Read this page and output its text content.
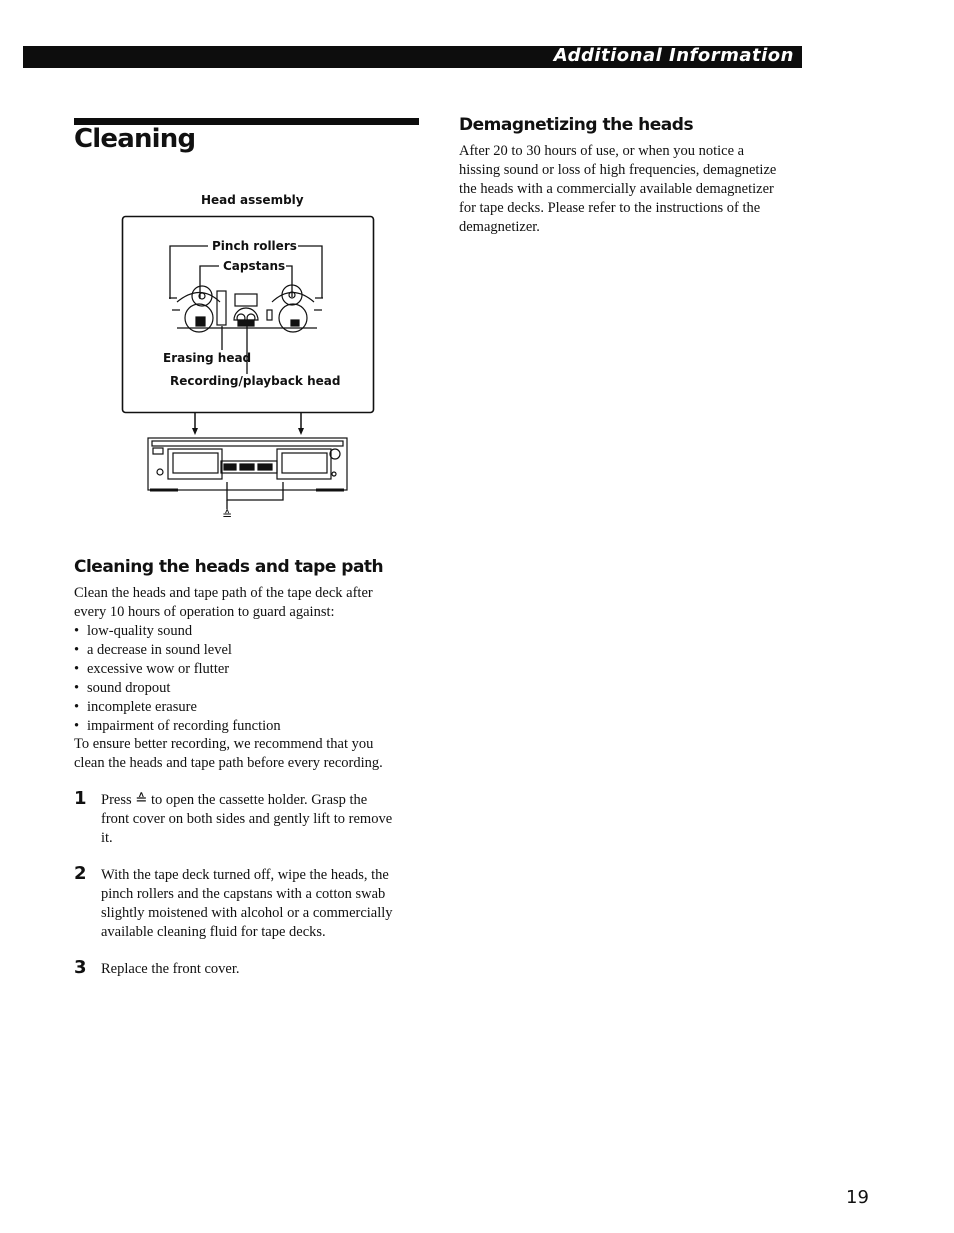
Additional Information
Cleaning
Head assembly
Pinch rollers
Capstans
Erasing head
Recording/playback head
≙
Cleaning the heads and tape path

Clean the heads and tape path of the tape deck after

every 10 hours of operation to guard against:

• low-quality sound
• a decrease in sound level
• excessive wow or flutter
• sound dropout
• incomplete erasure
• impairment of recording function

To ensure better recording, we recommend that you

clean the heads and tape path before every recording.

1 Press ≙ to open the cassette holder. Grasp the
front cover on both sides and gently lift to remove
it.
2 With the tape deck turned off, wipe the heads, the
pinch rollers and the capstans with a cotton swab
slightly moistened with alcohol or a commercially
available cleaning fluid for tape decks.
3 Replace the front cover.
Demagnetizing the heads

After 20 to 30 hours of use, or when you notice a

hissing sound or loss of high frequencies, demagnetize

the heads with a commercially available demagnetizer

for tape decks. Please refer to the instructions of the

demagnetizer.

19
